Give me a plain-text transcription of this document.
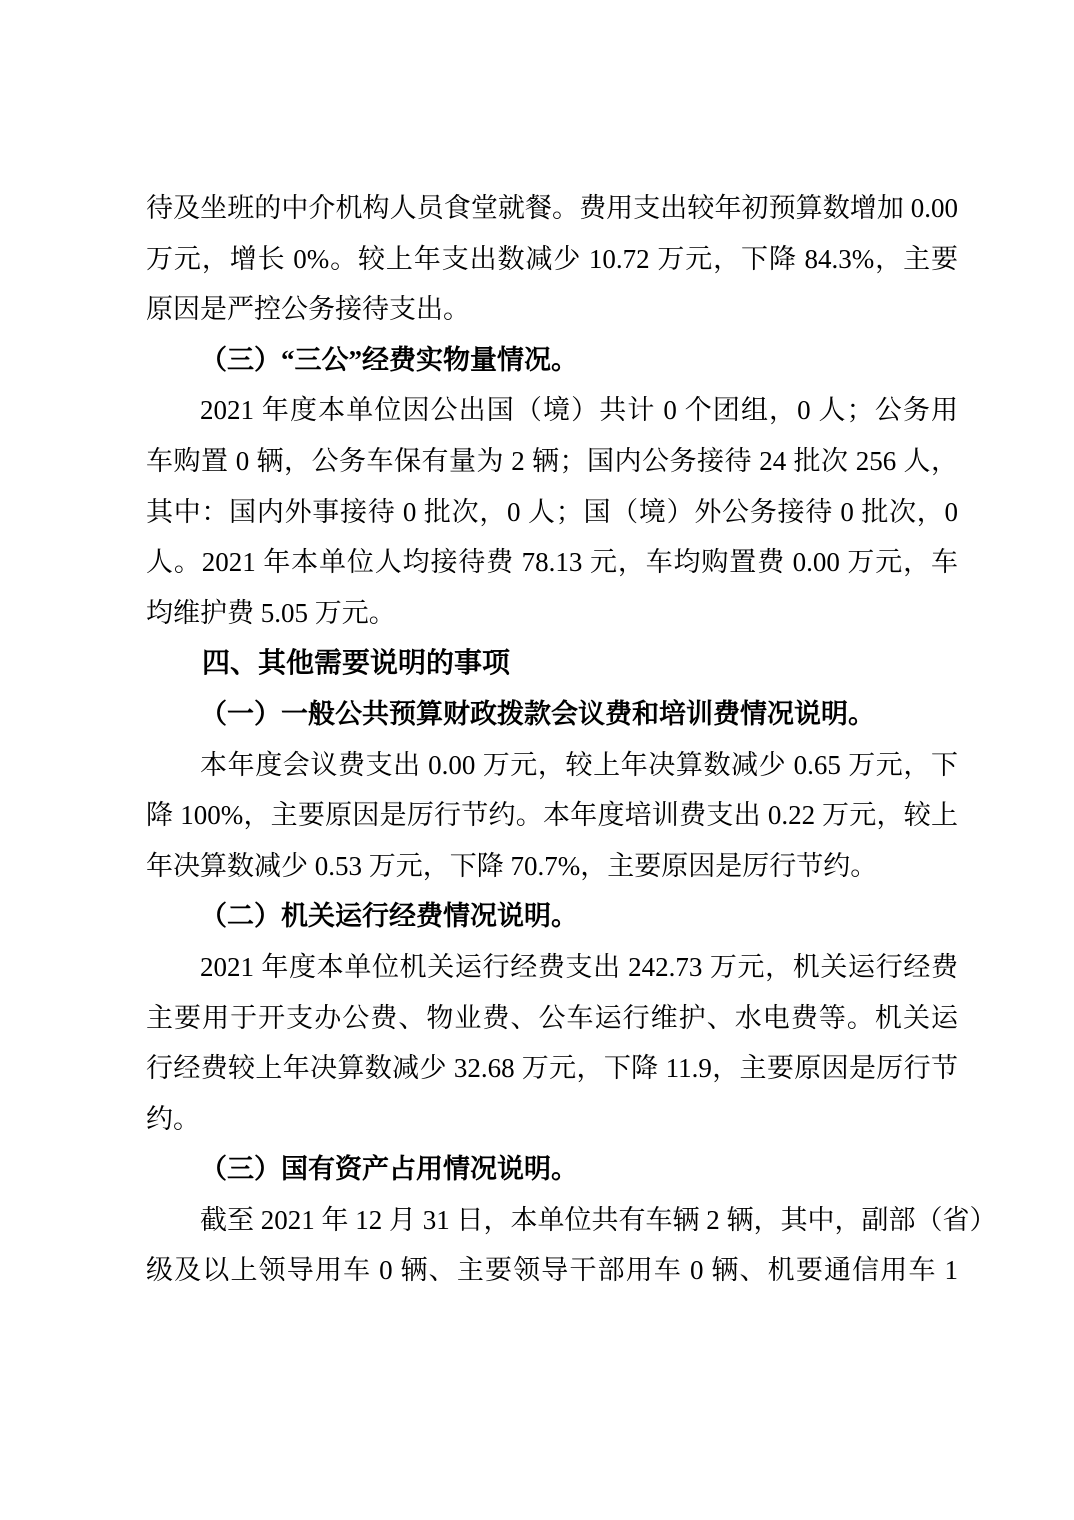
待及坐班的中介机构人员食堂就餐。费用支出较年初预算数增加 0.00
万元，增长 0%。较上年支出数减少 10.72 万元，下降 84.3%，主要
原因是严控公务接待支出。
（三）“三公”经费实物量情况。
2021 年度本单位因公出国（境）共计 0 个团组，0 人；公务用
车购置 0 辆，公务车保有量为 2 辆；国内公务接待 24 批次 256 人，
其中：国内外事接待 0 批次，0 人；国（境）外公务接待 0 批次，0
人。2021 年本单位人均接待费 78.13 元，车均购置费 0.00 万元，车
均维护费 5.05 万元。
四、其他需要说明的事项
（一）一般公共预算财政拨款会议费和培训费情况说明。
本年度会议费支出 0.00 万元，较上年决算数减少 0.65 万元，下
降 100%，主要原因是厉行节约。本年度培训费支出 0.22 万元，较上
年决算数减少 0.53 万元，下降 70.7%，主要原因是厉行节约。
（二）机关运行经费情况说明。
2021 年度本单位机关运行经费支出 242.73 万元，机关运行经费
主要用于开支办公费、物业费、公车运行维护、水电费等。机关运
行经费较上年决算数减少 32.68 万元，下降 11.9，主要原因是厉行节
约。
（三）国有资产占用情况说明。
截至 2021 年 12 月 31 日，本单位共有车辆 2 辆，其中，副部（省）
级及以上领导用车 0 辆、主要领导干部用车 0 辆、机要通信用车 1
